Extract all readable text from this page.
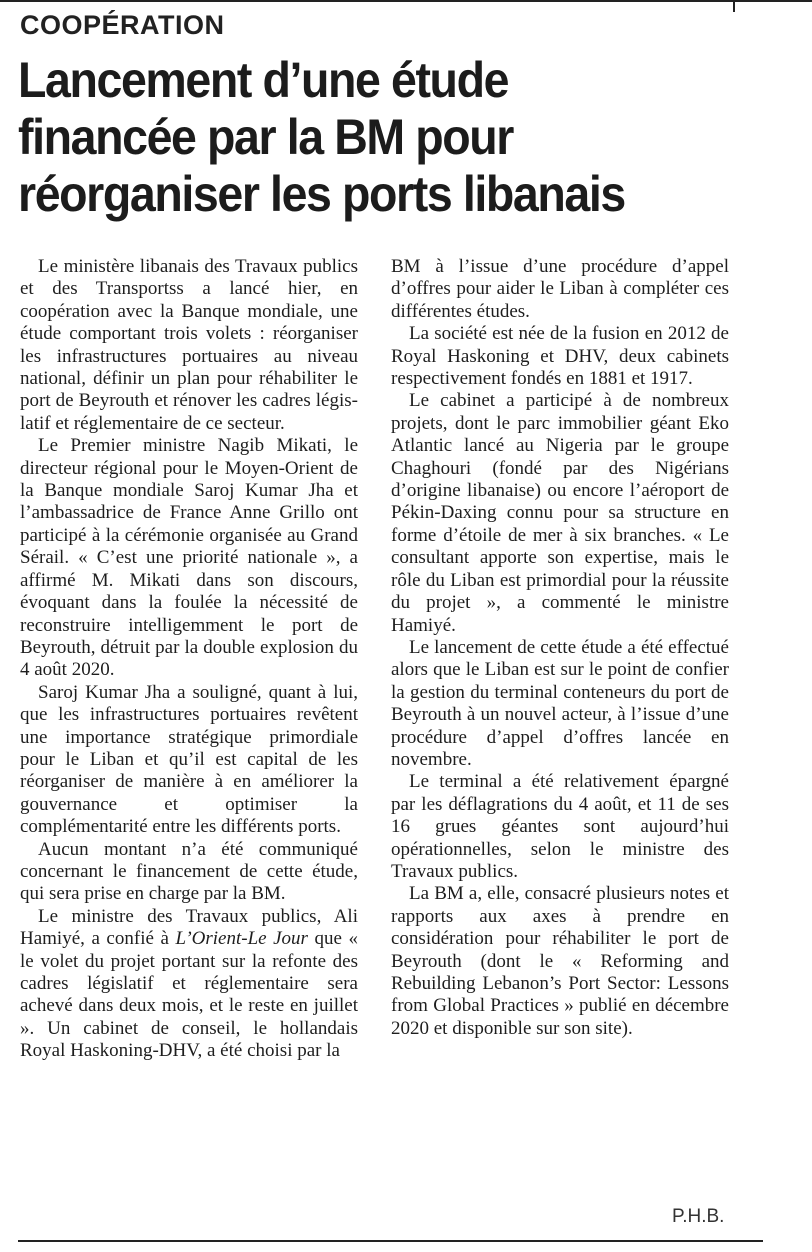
COOPÉRATION
Lancement d’une étude
financée par la BM pour
réorganiser les ports libanais

Le ministère libanais des Travaux publics et des Transportss a lancé hier, en coopération avec la Banque mondiale, une étude comportant trois volets : réorganiser les infrastructures portuaires au niveau national, définir un plan pour réhabiliter le port de Beyrouth et rénover les cadres législatif et réglementaire de ce secteur.

Le Premier ministre Nagib Mikati, le directeur régional pour le Moyen-Orient de la Banque mondiale Saroj Kumar Jha et l’ambassadrice de France Anne Grillo ont participé à la cérémonie organisée au Grand Sérail. « C’est une priorité nationale », a affirmé M. Mikati dans son discours, évoquant dans la foulée la nécessité de reconstruire intelligemment le port de Beyrouth, détruit par la double explosion du 4 août 2020.

Saroj Kumar Jha a souligné, quant à lui, que les infrastructures portuaires revêtent une importance stratégique primordiale pour le Liban et qu’il est capital de les réorganiser de manière à en améliorer la gouvernance et optimiser la complémentarité entre les différents ports.

Aucun montant n’a été communiqué concernant le financement de cette étude, qui sera prise en charge par la BM.

Le ministre des Travaux publics, Ali Hamiyé, a confié à L’Orient-Le Jour que « le volet du projet portant sur la refonte des cadres législatif et réglementaire sera achevé dans deux mois, et le reste en juillet ». Un cabinet de conseil, le hollandais Royal Haskoning-DHV, a été choisi par la

BM à l’issue d’une procédure d’appel d’offres pour aider le Liban à compléter ces différentes études.

La société est née de la fusion en 2012 de Royal Haskoning et DHV, deux cabinets respectivement fondés en 1881 et 1917.

Le cabinet a participé à de nombreux projets, dont le parc immobilier géant Eko Atlantic lancé au Nigeria par le groupe Chaghouri (fondé par des Nigérians d’origine libanaise) ou encore l’aéroport de Pékin-Daxing connu pour sa structure en forme d’étoile de mer à six branches. « Le consultant apporte son expertise, mais le rôle du Liban est primordial pour la réussite du projet », a commenté le ministre Hamiyé.

Le lancement de cette étude a été effectué alors que le Liban est sur le point de confier la gestion du terminal conteneurs du port de Beyrouth à un nouvel acteur, à l’issue d’une procédure d’appel d’offres lancée en novembre.

Le terminal a été relativement épargné par les déflagrations du 4 août, et 11 de ses 16 grues géantes sont aujourd’hui opérationnelles, selon le ministre des Travaux publics.

La BM a, elle, consacré plusieurs notes et rapports aux axes à prendre en considération pour réhabiliter le port de Beyrouth (dont le « Reforming and Rebuilding Lebanon’s Port Sector: Lessons from Global Practices » publié en décembre 2020 et disponible sur son site).

P.H.B.
